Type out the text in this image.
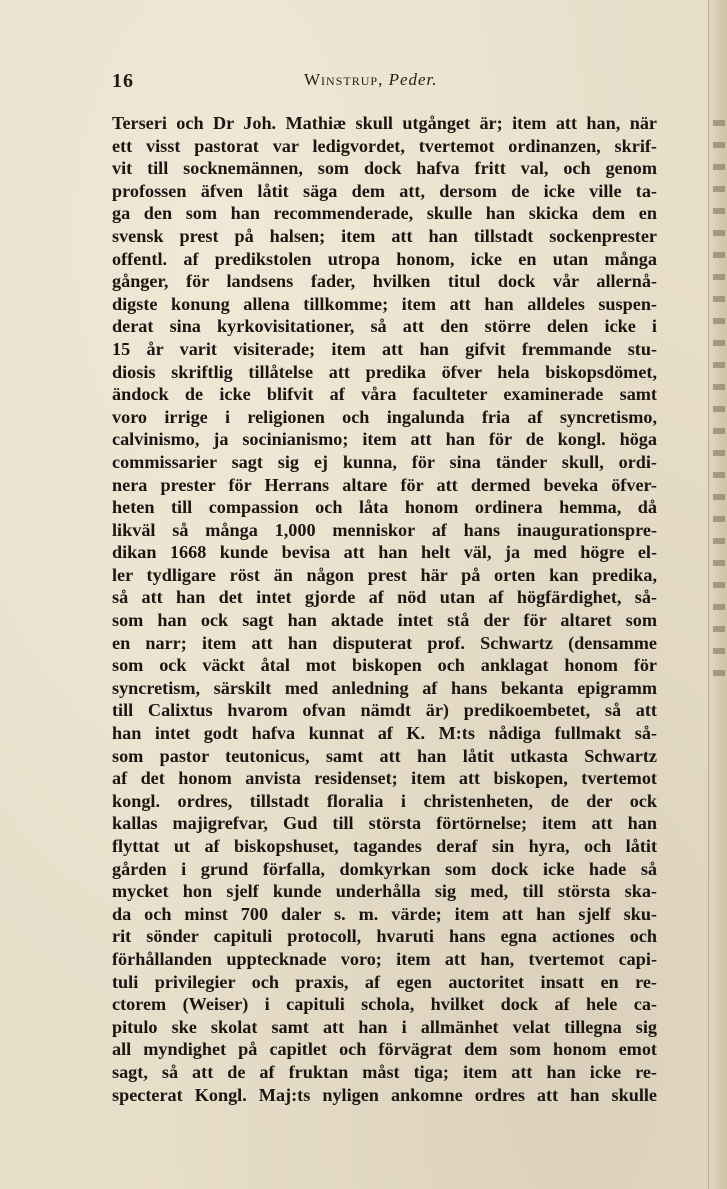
16	Winstrup, Peder.
Terseri och Dr Joh. Mathiæ skull utgånget är; item att han, när
ett visst pastorat var ledigvordet, tvertemot ordinanzen, skrif-
vit till socknemännen, som dock hafva fritt val, och genom
profossen äfven låtit säga dem att, dersom de icke ville ta-
ga den som han recommenderade, skulle han skicka dem en
svensk prest på halsen; item att han tillstadt sockenprester
offentl. af predikstolen utropa honom, icke en utan många
gånger, för landsens fader, hvilken titul dock vår allernå-
digste konung allena tillkomme; item att han alldeles suspen-
derat sina kyrkovisitationer, så att den större delen icke i
15 år varit visiterade; item att han gifvit fremmande stu-
diosis skriftlig tillåtelse att predika öfver hela biskopsdömet,
ändock de icke blifvit af våra faculteter examinerade samt
voro irrige i religionen och ingalunda fria af syncretismo,
calvinismo, ja socinianismo; item att han för de kongl. höga
commissarier sagt sig ej kunna, för sina tänder skull, ordi-
nera prester för Herrans altare för att dermed beveka öfver-
heten till compassion och låta honom ordinera hemma, då
likväl så många 1,000 menniskor af hans inaugurationspre-
dikan 1668 kunde bevisa att han helt väl, ja med högre el-
ler tydligare röst än någon prest här på orten kan predika,
så att han det intet gjorde af nöd utan af högfärdighet, så-
som han ock sagt han aktade intet stå der för altaret som
en narr; item att han disputerat prof. Schwartz (densamme
som ock väckt åtal mot biskopen och anklagat honom för
syncretism, särskilt med anledning af hans bekanta epigramm
till Calixtus hvarom ofvan nämdt är) predikoembetet, så att
han intet godt hafva kunnat af K. M:ts nådiga fullmakt så-
som pastor teutonicus, samt att han låtit utkasta Schwartz
af det honom anvista residenset; item att biskopen, tvertemot
kongl. ordres, tillstadt floralia i christenheten, de der ock
kallas majigrefvar, Gud till största förtörnelse; item att han
flyttat ut af biskopshuset, tagandes deraf sin hyra, och låtit
gården i grund förfalla, domkyrkan som dock icke hade så
mycket hon sjelf kunde underhålla sig med, till största ska-
da och minst 700 daler s. m. värde; item att han sjelf sku-
rit sönder capituli protocoll, hvaruti hans egna actiones och
förhållanden upptecknade voro; item att han, tvertemot capi-
tuli privilegier och praxis, af egen auctoritet insatt en re-
ctorem (Weiser) i capituli schola, hvilket dock af hele ca-
pitulo ske skolat samt att han i allmänhet velat tillegna sig
all myndighet på capitlet och förvägrat dem som honom emot
sagt, så att de af fruktan måst tiga; item att han icke re-
specterat Kongl. Maj:ts nyligen ankomne ordres att han skulle
